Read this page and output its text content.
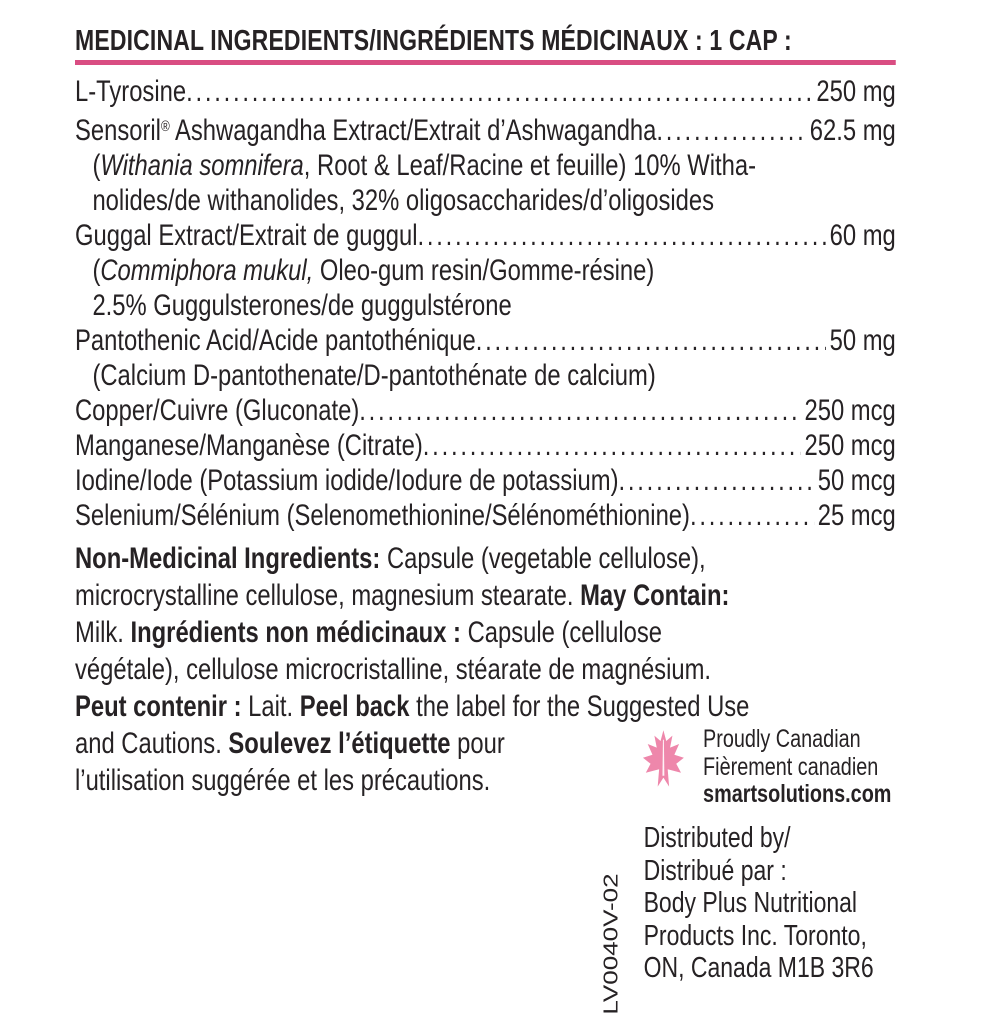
MEDICINAL INGREDIENTS/INGRÉDIENTS MÉDICINAUX : 1 CAP :
L-Tyrosine .....	250 mg
Sensoril® Ashwagandha Extract/Extrait d’Ashwagandha .....	62.5 mg
(Withania somnifera, Root & Leaf/Racine et feuille) 10% Witha-
nolides/de withanolides, 32% oligosaccharides/d’oligosides
Guggal Extract/Extrait de guggul .....	60 mg
(Commiphora mukul, Oleo-gum resin/Gomme-résine)
2.5% Guggulsterones/de guggulstérone
Pantothenic Acid/Acide pantothénique .....	50 mg
(Calcium D-pantothenate/D-pantothénate de calcium)
Copper/Cuivre (Gluconate) .....	250 mcg
Manganese/Manganèse (Citrate) .....	250 mcg
Iodine/Iode (Potassium iodide/Iodure de potassium) .....	50 mcg
Selenium/Sélénium (Selenomethionine/Sélénométhionine) .....	25 mcg
Non-Medicinal Ingredients: Capsule (vegetable cellulose),
microcrystalline cellulose, magnesium stearate. May Contain:
Milk. Ingrédients non médicinaux : Capsule (cellulose
végétale), cellulose microcristalline, stéarate de magnésium.
Peut contenir : Lait. Peel back the label for the Suggested Use
and Cautions. Soulevez l’étiquette pour
l’utilisation suggérée et les précautions.
Proudly Canadian
Fièrement canadien
smartsolutions.com
Distributed by/
Distribué par :
Body Plus Nutritional
Products Inc. Toronto,
ON, Canada M1B 3R6
LV0040V-02
